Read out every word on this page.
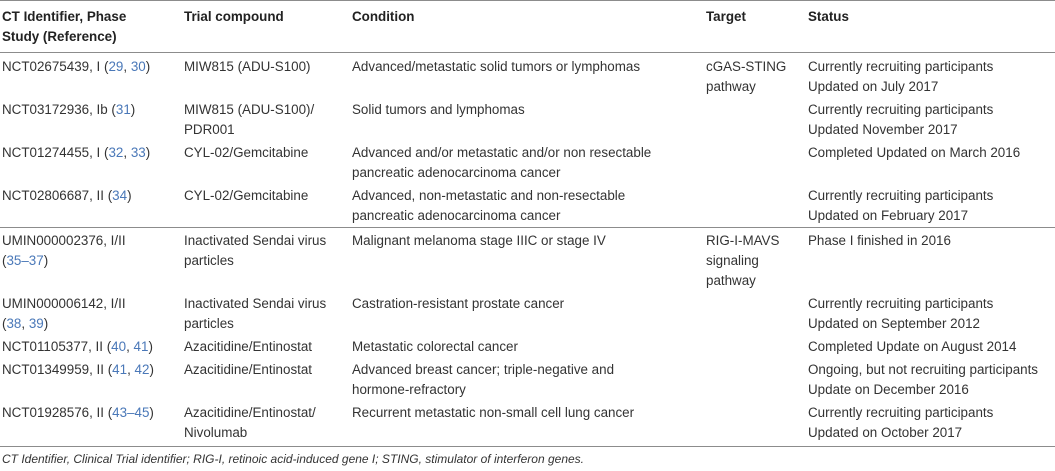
CT Identifier, Phase
Study (Reference)	Trial compound	Condition	Target	Status

NCT02675439, I (29, 30)	MIW815 (ADU-S100)	Advanced/metastatic solid tumors or lymphomas	cGAS-STING
pathway	Currently recruiting participants
Updated on July 2017

NCT03172936, Ib (31)	MIW815 (ADU-S100)/
PDR001	Solid tumors and lymphomas		Currently recruiting participants
Updated November 2017

NCT01274455, I (32, 33)	CYL-02/Gemcitabine	Advanced and/or metastatic and/or non resectable
pancreatic adenocarcinoma cancer		Completed Updated on March 2016

NCT02806687, II (34)	CYL-02/Gemcitabine	Advanced, non-metastatic and non-resectable
pancreatic adenocarcinoma cancer		Currently recruiting participants
Updated on February 2017

UMIN000002376, I/II
(35–37)	Inactivated Sendai virus
particles	Malignant melanoma stage IIIC or stage IV	RIG-I-MAVS
signaling
pathway	Phase I finished in 2016

UMIN000006142, I/II
(38, 39)	Inactivated Sendai virus
particles	Castration-resistant prostate cancer		Currently recruiting participants
Updated on September 2012

NCT01105377, II (40, 41)	Azacitidine/Entinostat	Metastatic colorectal cancer		Completed Update on August 2014

NCT01349959, II (41, 42)	Azacitidine/Entinostat	Advanced breast cancer; triple-negative and
hormone-refractory		Ongoing, but not recruiting participants
Update on December 2016

NCT01928576, II (43–45)	Azacitidine/Entinostat/
Nivolumab	Recurrent metastatic non-small cell lung cancer		Currently recruiting participants
Updated on October 2017
CT Identifier, Clinical Trial identifier; RIG-I, retinoic acid-induced gene I; STING, stimulator of interferon genes.
